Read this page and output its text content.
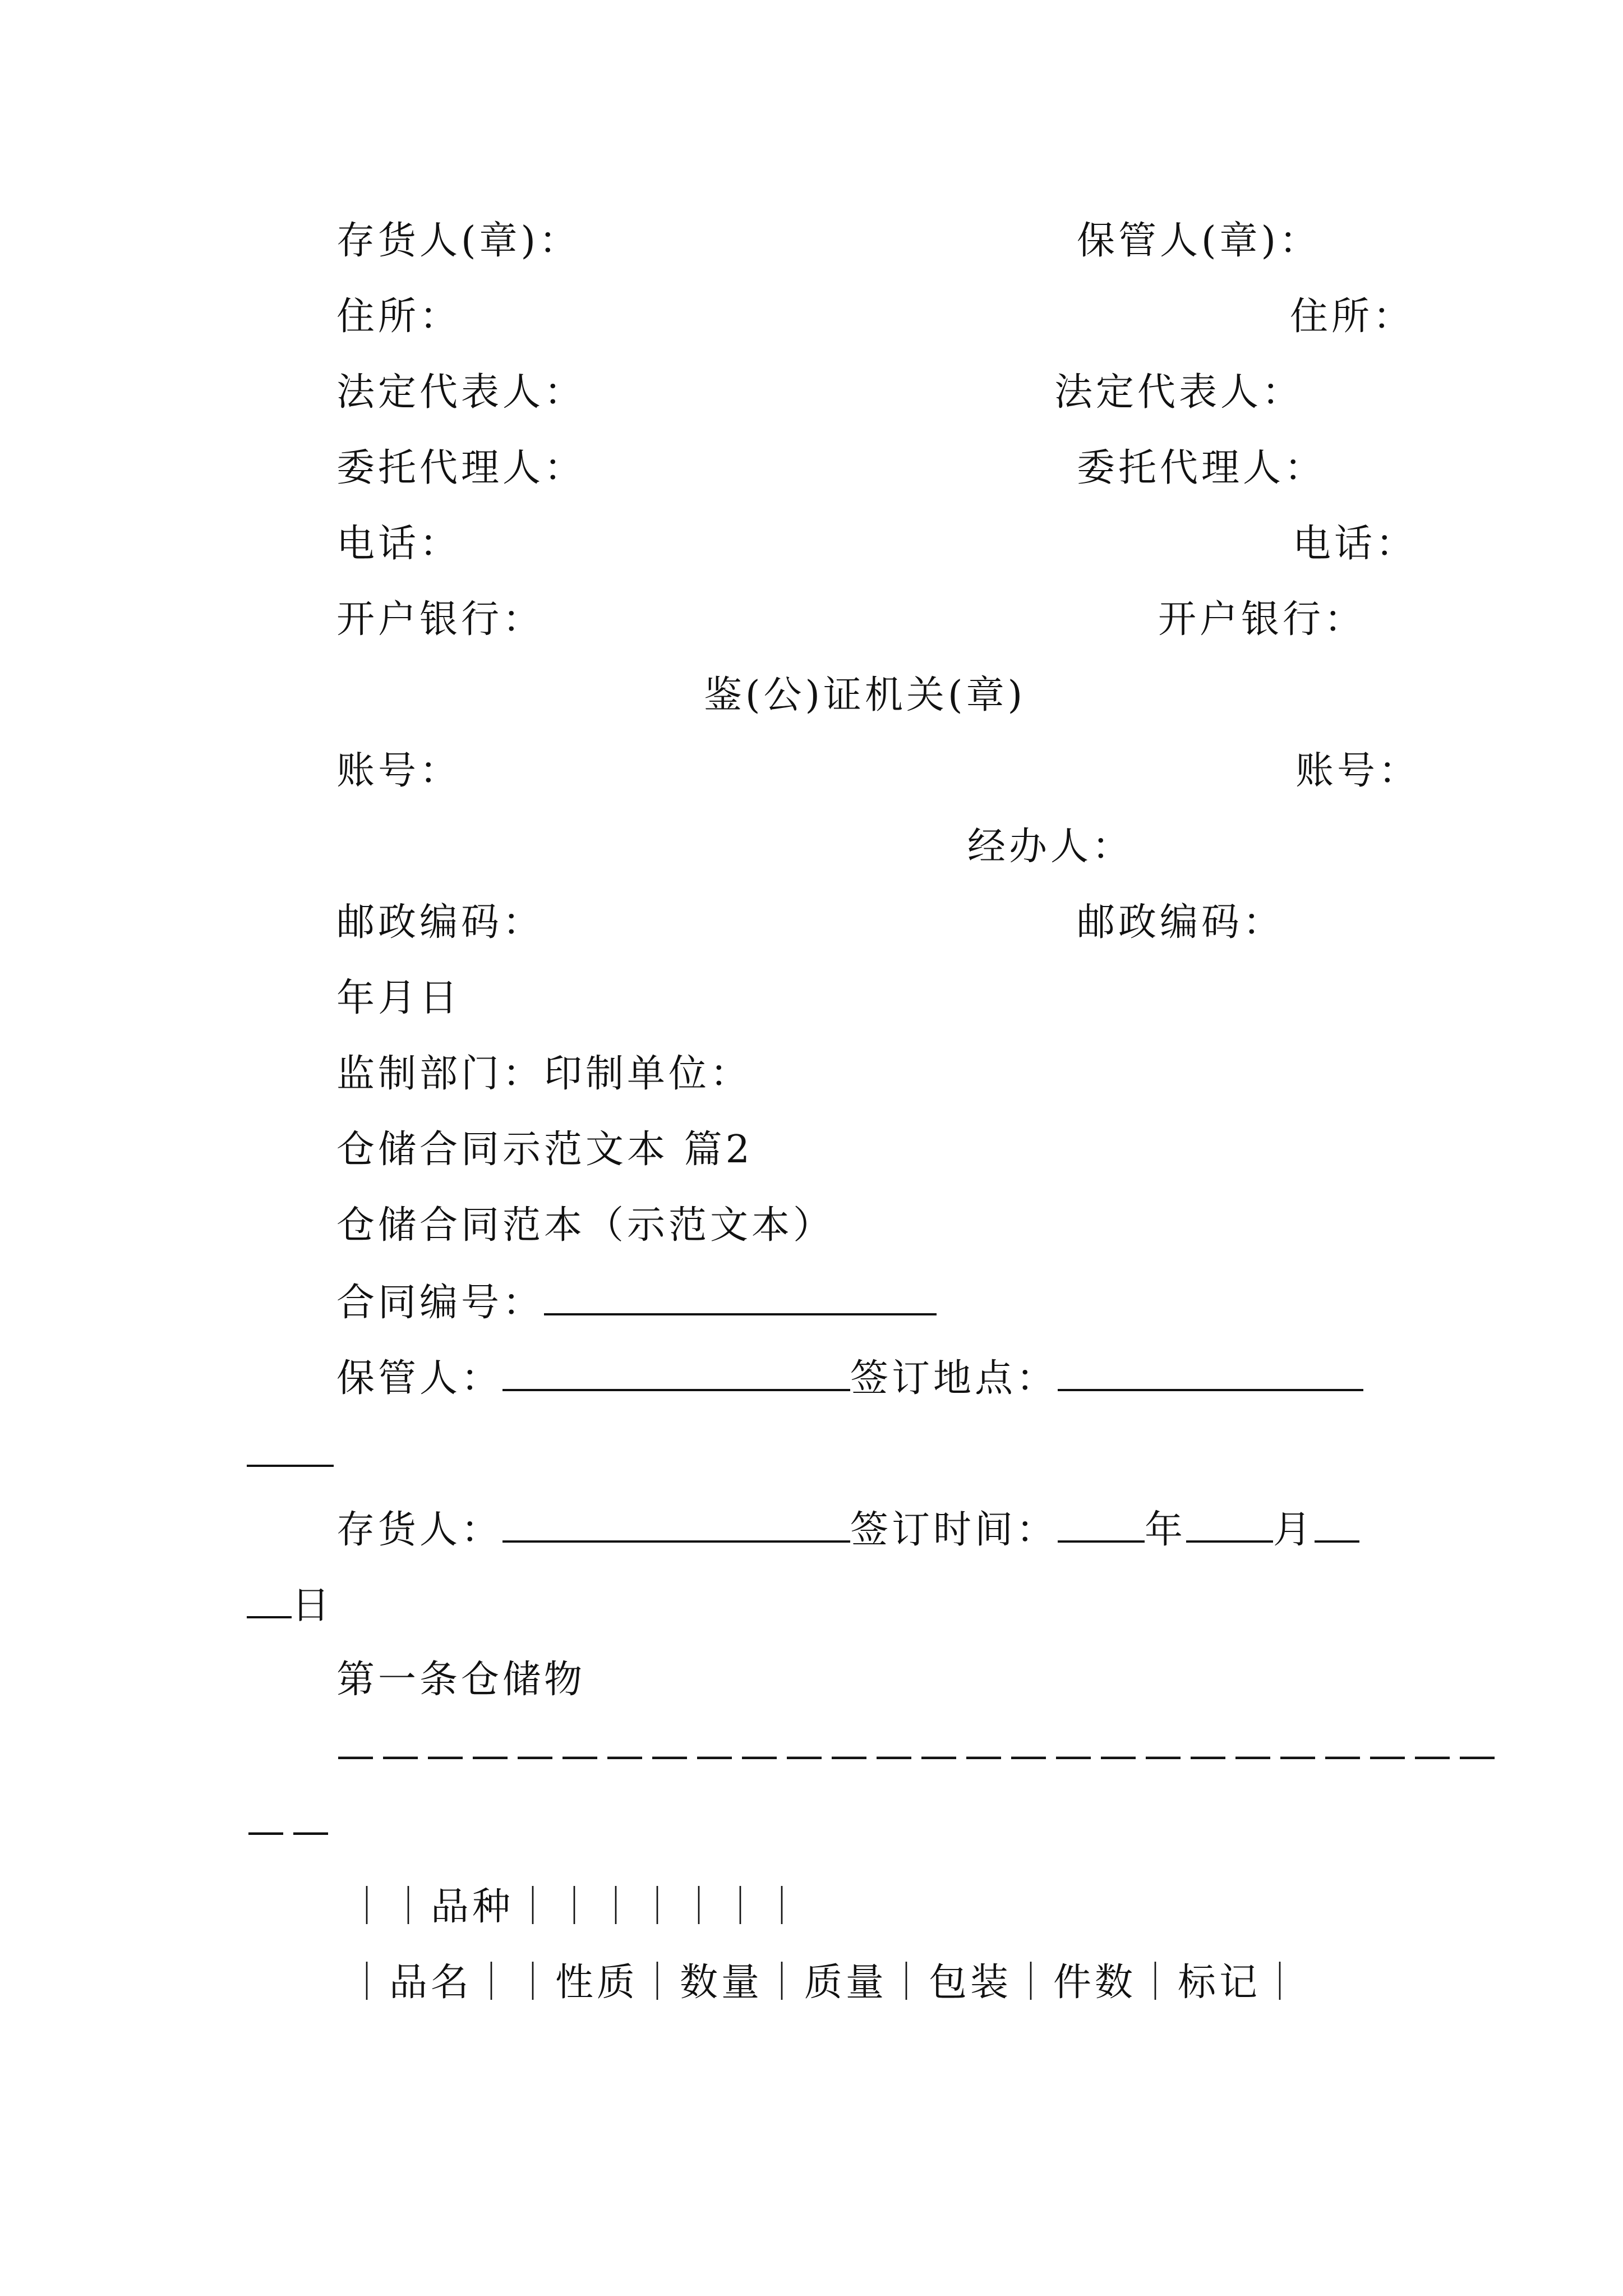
存货人(章)：	保管人(章)：
住所：	住所：
法定代表人：	法定代表人：
委托代理人：	委托代理人：
电话：	电话：
开户银行：	开户银行：
鉴(公)证机关(章)
账号：	账号：
经办人：
邮政编码：	邮政编码：
年月日
监制部门：印制单位：
仓储合同示范文本 篇2
仓储合同范本（示范文本）
合同编号：
保管人：	签订地点：
存货人：	签订时间： 年 月
日
第一条仓储物
——————————————————————————
——
｜｜品种｜｜｜｜｜｜｜
｜品名｜｜性质｜数量｜质量｜包装｜件数｜标记｜
